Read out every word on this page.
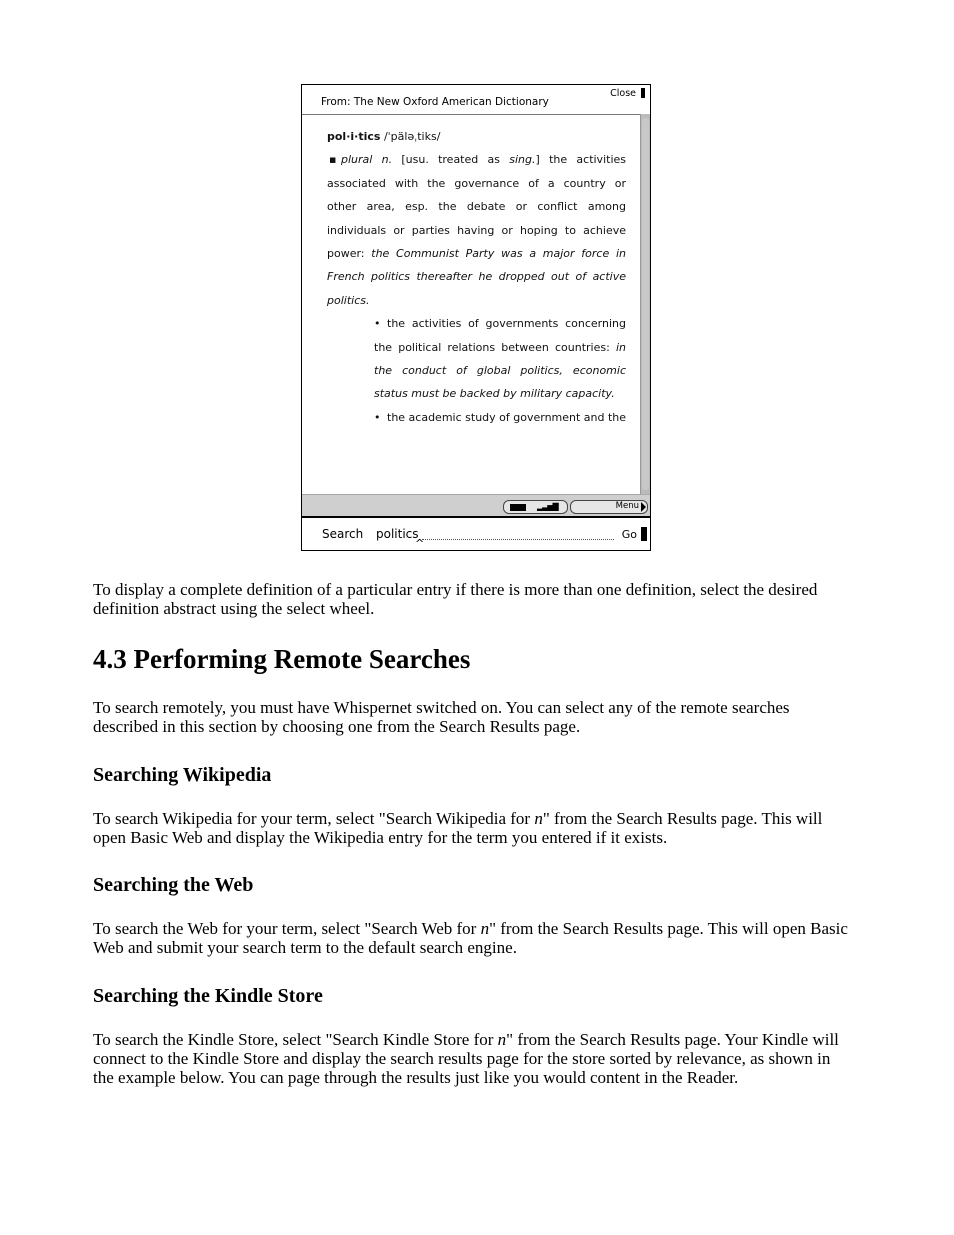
From: The New Oxford American Dictionary
Close
pol·i·tics /ˈpäləˌtiks/
▪ plural n. [usu. treated as sing.] the activities
associated with the governance of a country or
other area, esp. the debate or conflict among
individuals or parties having or hoping to achieve
power: the Communist Party was a major force in
French politics thereafter he dropped out of active
politics.
• the activities of governments concerning
the political relations between countries: in
the conduct of global politics, economic
status must be backed by military capacity.
• the academic study of government and the
▂▃▅▇	Menu
Search politics
^
Go

To display a complete definition of a particular entry if there is more than one definition, select the desired definition abstract using the select wheel.

4.3 Performing Remote Searches

To search remotely, you must have Whispernet switched on. You can select any of the remote searches described in this section by choosing one from the Search Results page.

Searching Wikipedia

To search Wikipedia for your term, select "Search Wikipedia for n" from the Search Results page. This will open Basic Web and display the Wikipedia entry for the term you entered if it exists.

Searching the Web

To search the Web for your term, select "Search Web for n" from the Search Results page. This will open Basic Web and submit your search term to the default search engine.

Searching the Kindle Store

To search the Kindle Store, select "Search Kindle Store for n" from the Search Results page. Your Kindle will connect to the Kindle Store and display the search results page for the store sorted by relevance, as shown in the example below. You can page through the results just like you would content in the Reader.
